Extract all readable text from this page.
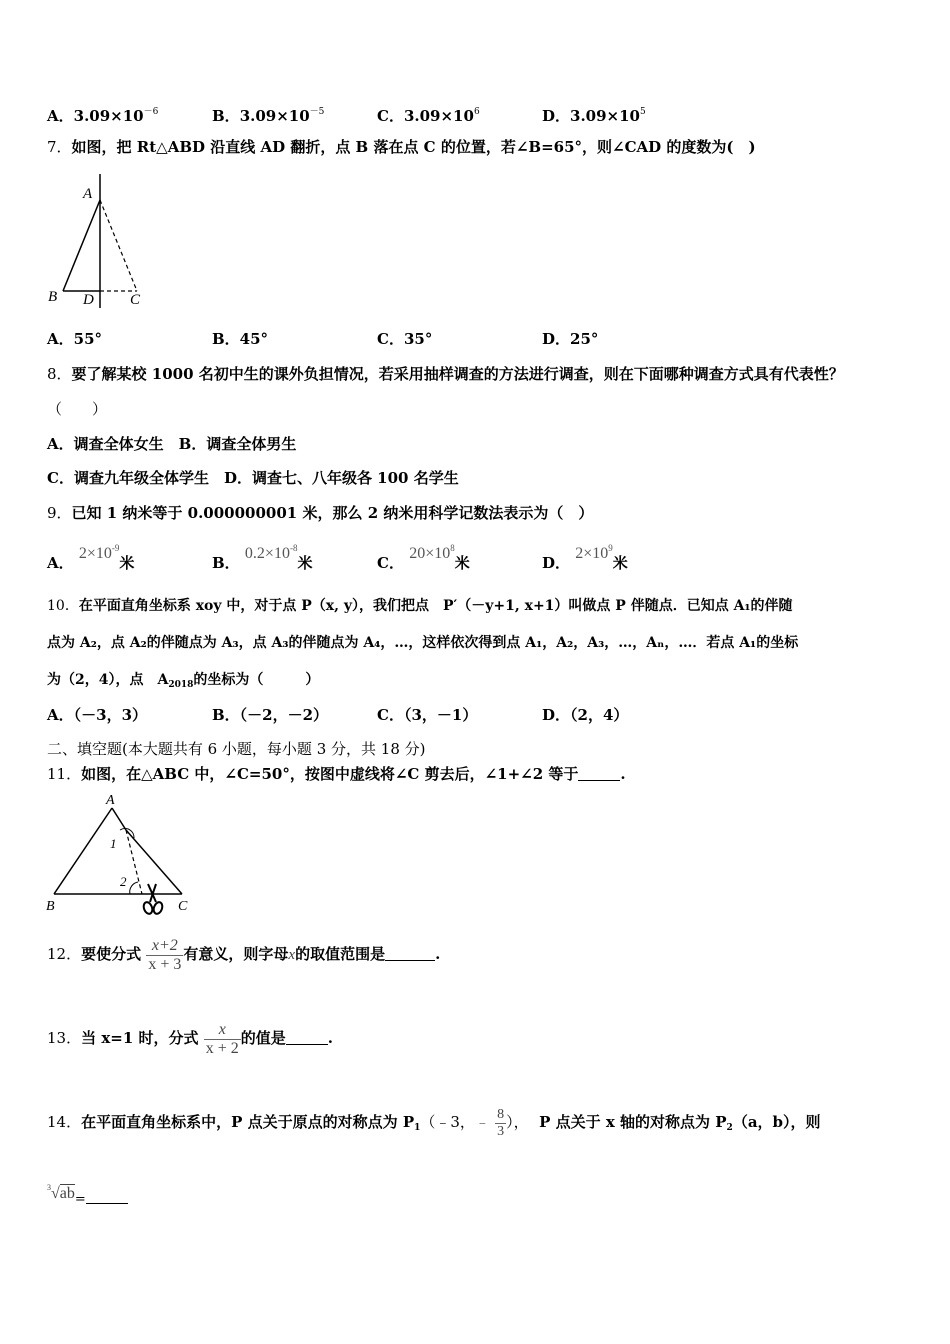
A．$3.09\times 10^{-6}$	B．$3.09\times 10^{-5}$	C．$3.09\times 10^6$	D．$3.09\times 10^5$
7．如图，把 Rt△ABD 沿直线 AD 翻折，点 B 落在点 C 的位置，若∠B=65°，则∠CAD 的度数为(　)
A
B D C
A．55°	B．45°	C．35°	D．25°
8．要了解某校 1000 名初中生的课外负担情况，若采用抽样调查的方法进行调查，则在下面哪种调查方式具有代表性？
（　　）
A．调查全体女生　B．调查全体男生
C．调查九年级全体学生　D．调查七、八年级各 100 名学生
9．已知 1 纳米等于 0.000000001 米，那么 2 纳米用科学记数法表示为（　）
A． $2\times 10^{-9}$米	B． $0.2\times 10^{-8}$米	C． $20\times 10^8$米	D． $2\times 10^9$米
10．在平面直角坐标系 xoy 中，对于点 P（x, y），我们把点　P′（－y+1, x+1）叫做点 P 伴随点．已知点 A₁的伴随
点为 A₂，点 A₂的伴随点为 A₃，点 A₃的伴随点为 A₄，…，这样依次得到点 A₁，A₂，A₃，…，Aₙ，…．若点 A₁的坐标
为（2，4），点　$A_{2018}$的坐标为（　　　）
A．（－3，3）	B．（－2，－2）	C．（3，－1）	D．（2，4）
二、填空题(本大题共有 6 小题，每小题 3 分，共 18 分)
11．如图，在△ABC 中，∠C=50°，按图中虚线将∠C 剪去后，∠1+∠2 等于	.
A
B	C
1
2
12．要使分式 $\frac{x+2}{x + 3}$ 有意义，则字母x的取值范围是	.
13．当 x=1 时，分式 $\frac{x}{x + 2}$ 的值是	.
14．在平面直角坐标系中，P 点关于原点的对称点为 $P_1(﹣3$，﹣ $\frac{8}{3}$ ）， P 点关于 x 轴的对称点为 $P_2(a$，b），则
$^3$√ab=
